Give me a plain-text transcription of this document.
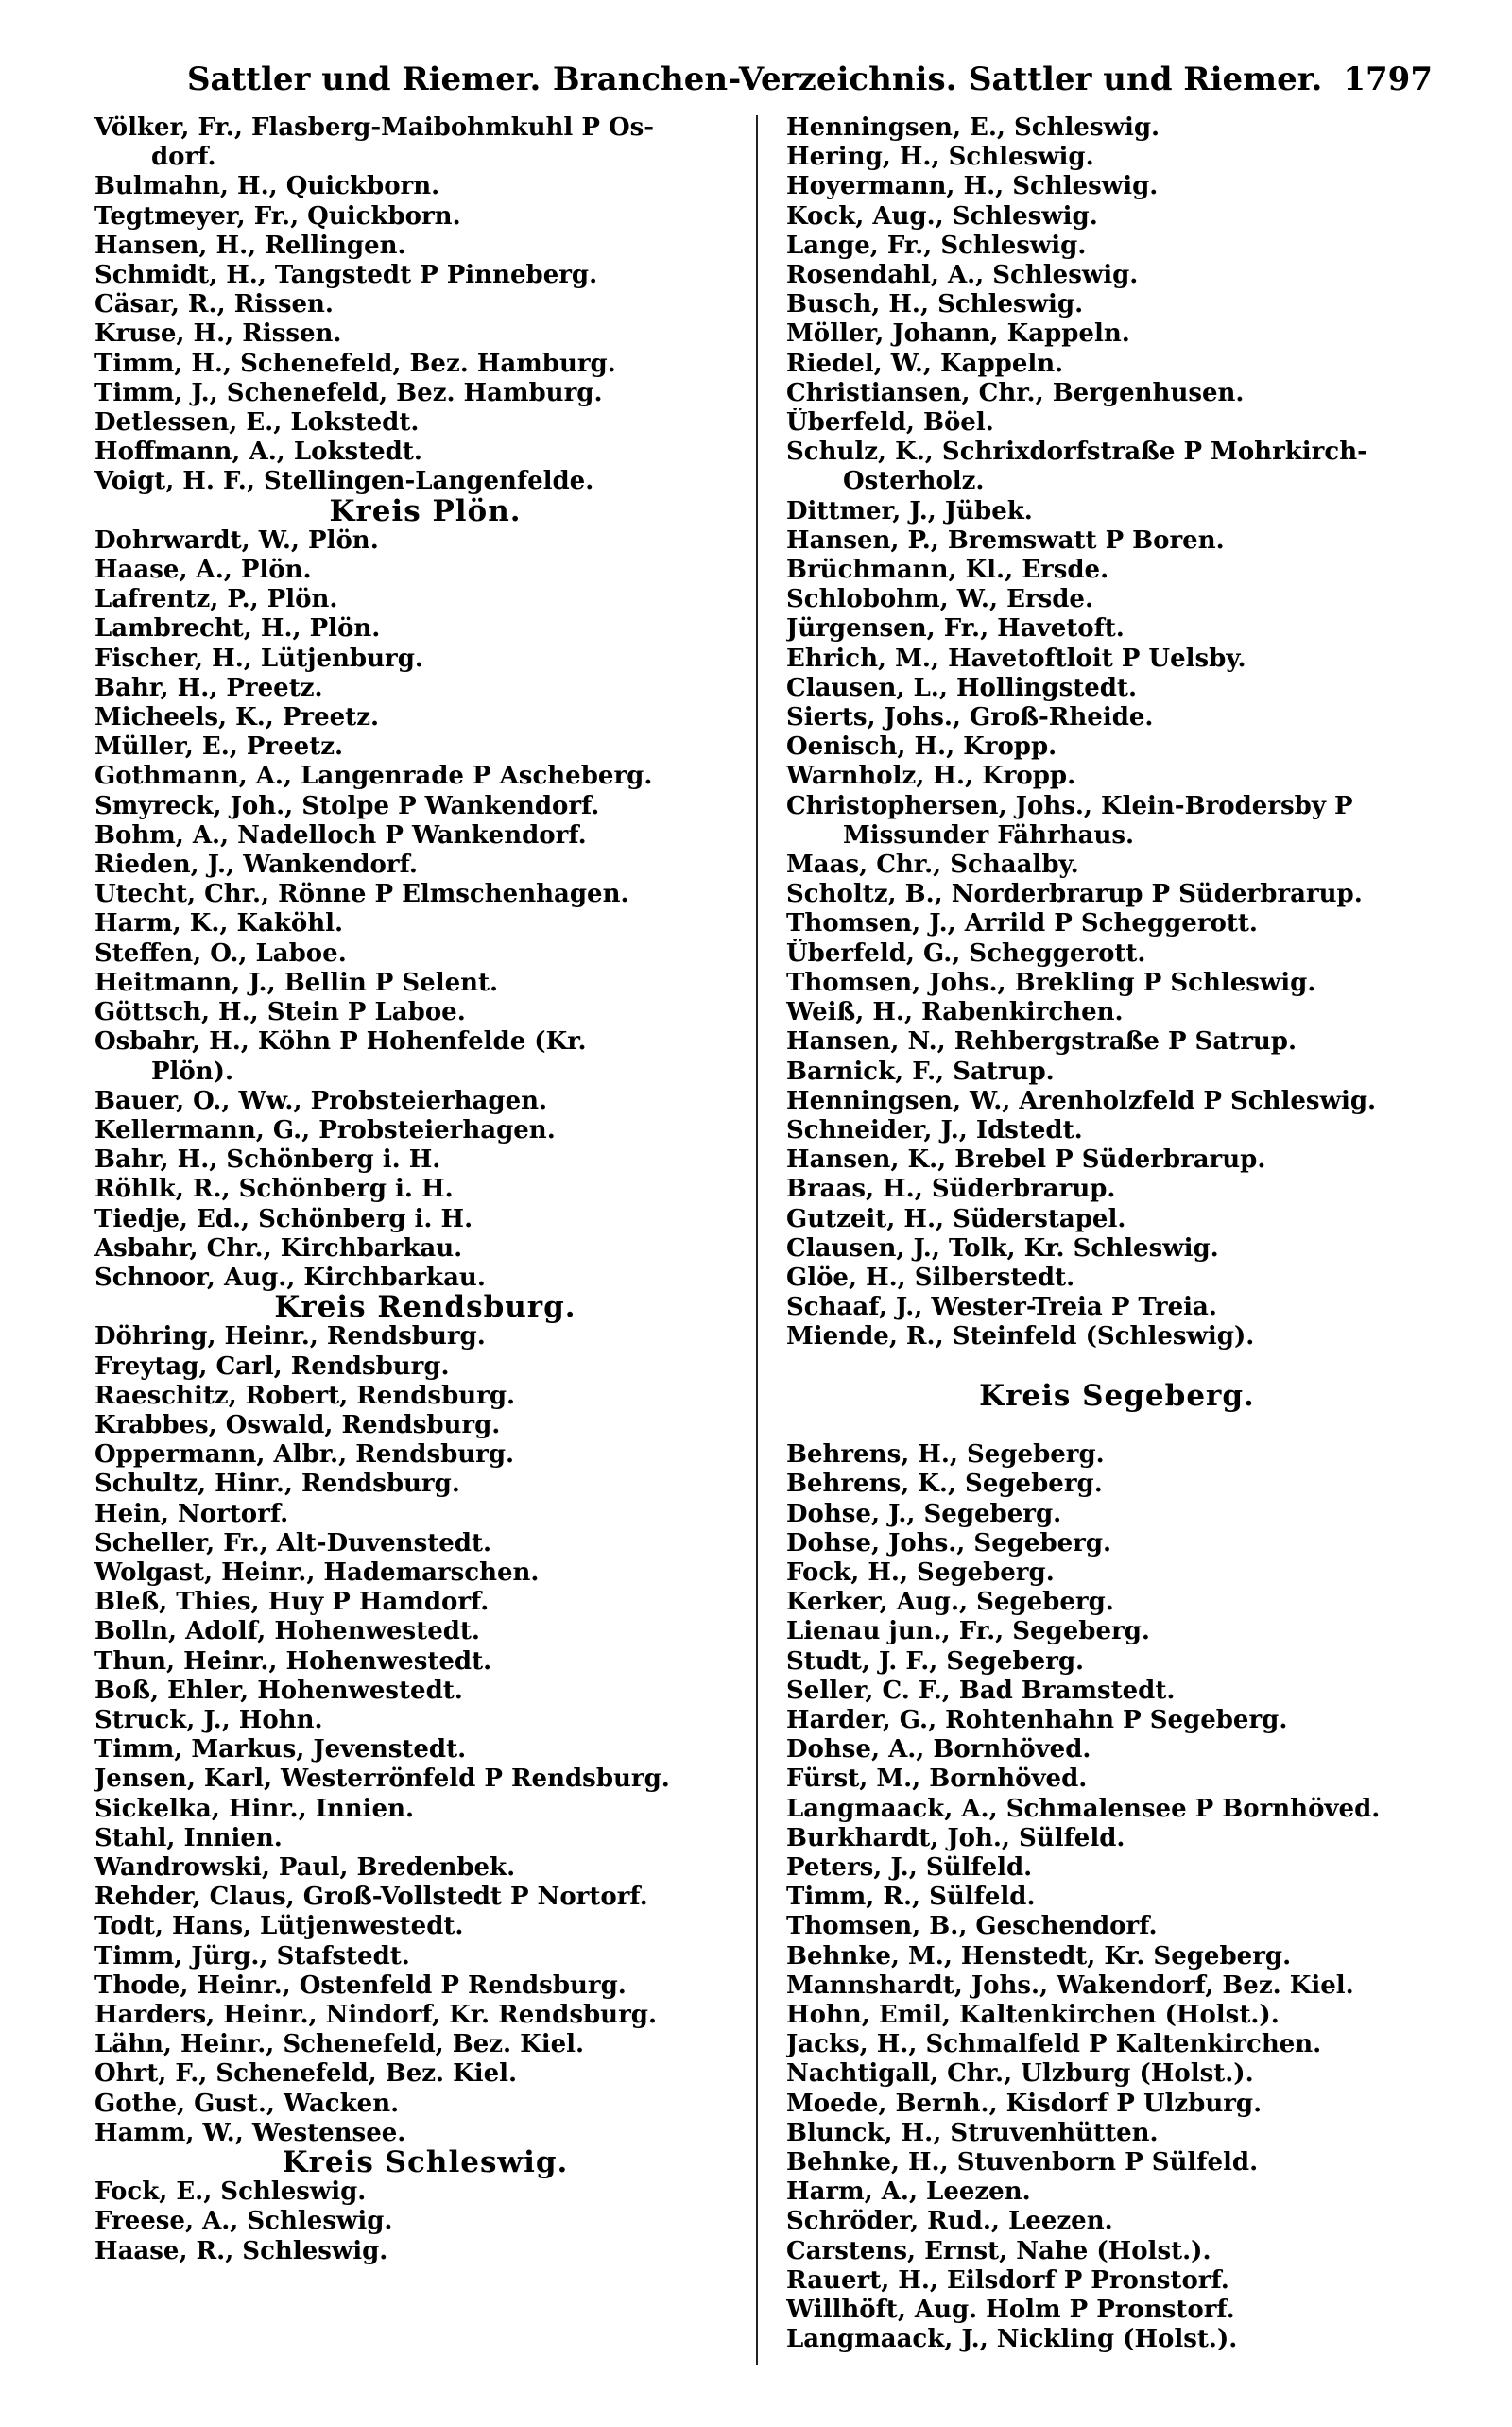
Sattler und Riemer. Branchen-Verzeichnis. Sattler und Riemer. 1797
Völker, Fr., Flasberg-Maibohmkuhl P Os-
dorf.
Bulmahn, H., Quickborn.
Tegtmeyer, Fr., Quickborn.
Hansen, H., Rellingen.
Schmidt, H., Tangstedt P Pinneberg.
Cäsar, R., Rissen.
Kruse, H., Rissen.
Timm, H., Schenefeld, Bez. Hamburg.
Timm, J., Schenefeld, Bez. Hamburg.
Detlessen, E., Lokstedt.
Hoffmann, A., Lokstedt.
Voigt, H. F., Stellingen-Langenfelde.
Kreis Plön.
Dohrwardt, W., Plön.
Haase, A., Plön.
Lafrentz, P., Plön.
Lambrecht, H., Plön.
Fischer, H., Lütjenburg.
Bahr, H., Preetz.
Micheels, K., Preetz.
Müller, E., Preetz.
Gothmann, A., Langenrade P Ascheberg.
Smyreck, Joh., Stolpe P Wankendorf.
Bohm, A., Nadelloch P Wankendorf.
Rieden, J., Wankendorf.
Utecht, Chr., Rönne P Elmschenhagen.
Harm, K., Kaköhl.
Steffen, O., Laboe.
Heitmann, J., Bellin P Selent.
Göttsch, H., Stein P Laboe.
Osbahr, H., Köhn P Hohenfelde (Kr.
Plön).
Bauer, O., Ww., Probsteierhagen.
Kellermann, G., Probsteierhagen.
Bahr, H., Schönberg i. H.
Röhlk, R., Schönberg i. H.
Tiedje, Ed., Schönberg i. H.
Asbahr, Chr., Kirchbarkau.
Schnoor, Aug., Kirchbarkau.
Kreis Rendsburg.
Döhring, Heinr., Rendsburg.
Freytag, Carl, Rendsburg.
Raeschitz, Robert, Rendsburg.
Krabbes, Oswald, Rendsburg.
Oppermann, Albr., Rendsburg.
Schultz, Hinr., Rendsburg.
Hein, Nortorf.
Scheller, Fr., Alt-Duvenstedt.
Wolgast, Heinr., Hademarschen.
Bleß, Thies, Huy P Hamdorf.
Bolln, Adolf, Hohenwestedt.
Thun, Heinr., Hohenwestedt.
Boß, Ehler, Hohenwestedt.
Struck, J., Hohn.
Timm, Markus, Jevenstedt.
Jensen, Karl, Westerrönfeld P Rendsburg.
Sickelka, Hinr., Innien.
Stahl, Innien.
Wandrowski, Paul, Bredenbek.
Rehder, Claus, Groß-Vollstedt P Nortorf.
Todt, Hans, Lütjenwestedt.
Timm, Jürg., Stafstedt.
Thode, Heinr., Ostenfeld P Rendsburg.
Harders, Heinr., Nindorf, Kr. Rendsburg.
Lähn, Heinr., Schenefeld, Bez. Kiel.
Ohrt, F., Schenefeld, Bez. Kiel.
Gothe, Gust., Wacken.
Hamm, W., Westensee.
Kreis Schleswig.
Fock, E., Schleswig.
Freese, A., Schleswig.
Haase, R., Schleswig.
Henningsen, E., Schleswig.
Hering, H., Schleswig.
Hoyermann, H., Schleswig.
Kock, Aug., Schleswig.
Lange, Fr., Schleswig.
Rosendahl, A., Schleswig.
Busch, H., Schleswig.
Möller, Johann, Kappeln.
Riedel, W., Kappeln.
Christiansen, Chr., Bergenhusen.
Überfeld, Böel.
Schulz, K., Schrixdorfstraße P Mohrkirch-
Osterholz.
Dittmer, J., Jübek.
Hansen, P., Bremswatt P Boren.
Brüchmann, Kl., Ersde.
Schlobohm, W., Ersde.
Jürgensen, Fr., Havetoft.
Ehrich, M., Havetoftloit P Uelsby.
Clausen, L., Hollingstedt.
Sierts, Johs., Groß-Rheide.
Oenisch, H., Kropp.
Warnholz, H., Kropp.
Christophersen, Johs., Klein-Brodersby P
Missunder Fährhaus.
Maas, Chr., Schaalby.
Scholtz, B., Norderbrarup P Süderbrarup.
Thomsen, J., Arrild P Scheggerott.
Überfeld, G., Scheggerott.
Thomsen, Johs., Brekling P Schleswig.
Weiß, H., Rabenkirchen.
Hansen, N., Rehbergstraße P Satrup.
Barnick, F., Satrup.
Henningsen, W., Arenholzfeld P Schleswig.
Schneider, J., Idstedt.
Hansen, K., Brebel P Süderbrarup.
Braas, H., Süderbrarup.
Gutzeit, H., Süderstapel.
Clausen, J., Tolk, Kr. Schleswig.
Glöe, H., Silberstedt.
Schaaf, J., Wester-Treia P Treia.
Miende, R., Steinfeld (Schleswig).
Kreis Segeberg.
Behrens, H., Segeberg.
Behrens, K., Segeberg.
Dohse, J., Segeberg.
Dohse, Johs., Segeberg.
Fock, H., Segeberg.
Kerker, Aug., Segeberg.
Lienau jun., Fr., Segeberg.
Studt, J. F., Segeberg.
Seller, C. F., Bad Bramstedt.
Harder, G., Rohtenhahn P Segeberg.
Dohse, A., Bornhöved.
Fürst, M., Bornhöved.
Langmaack, A., Schmalensee P Bornhöved.
Burkhardt, Joh., Sülfeld.
Peters, J., Sülfeld.
Timm, R., Sülfeld.
Thomsen, B., Geschendorf.
Behnke, M., Henstedt, Kr. Segeberg.
Mannshardt, Johs., Wakendorf, Bez. Kiel.
Hohn, Emil, Kaltenkirchen (Holst.).
Jacks, H., Schmalfeld P Kaltenkirchen.
Nachtigall, Chr., Ulzburg (Holst.).
Moede, Bernh., Kisdorf P Ulzburg.
Blunck, H., Struvenhütten.
Behnke, H., Stuvenborn P Sülfeld.
Harm, A., Leezen.
Schröder, Rud., Leezen.
Carstens, Ernst, Nahe (Holst.).
Rauert, H., Eilsdorf P Pronstorf.
Willhöft, Aug. Holm P Pronstorf.
Langmaack, J., Nickling (Holst.).
